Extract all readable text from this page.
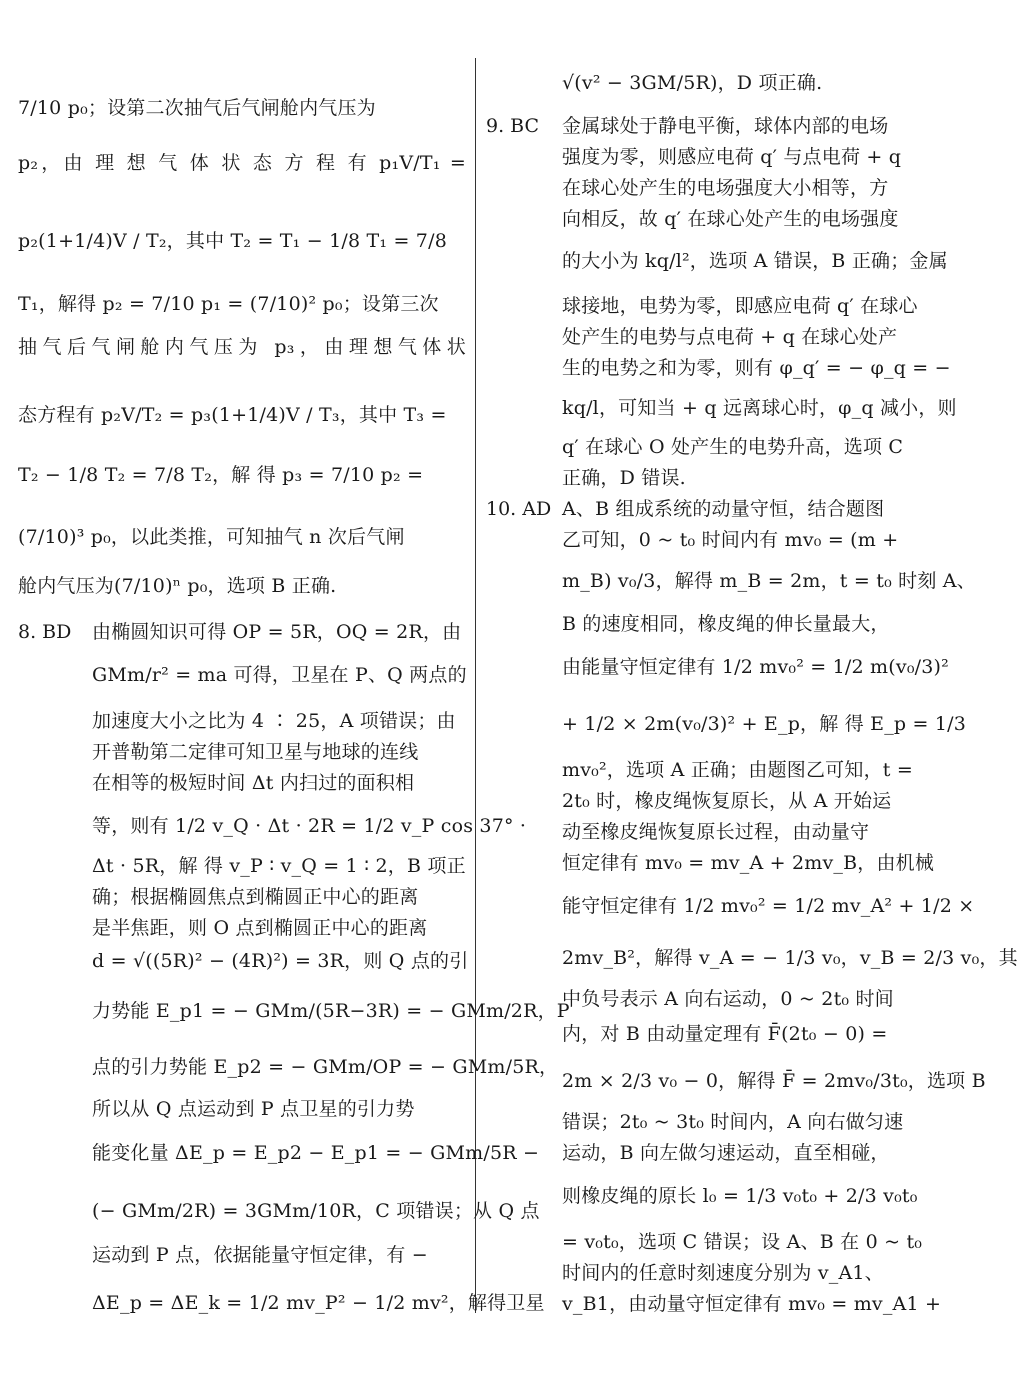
7/10 p₀；设第二次抽气后气闸舱内气压为
p₂，由 理 想 气 体 状 态 方 程 有 p₁V/T₁ =
p₂(1+1/4)V / T₂，其中 T₂ = T₁ − 1/8 T₁ = 7/8
T₁，解得 p₂ = 7/10 p₁ = (7/10)² p₀；设第三次
抽气后气闸舱内气压为 p₃，由理想气体状
态方程有 p₂V/T₂ = p₃(1+1/4)V / T₃，其中 T₃ =
T₂ − 1/8 T₂ = 7/8 T₂，解 得 p₃ = 7/10 p₂ =
(7/10)³ p₀，以此类推，可知抽气 n 次后气闸
舱内气压为(7/10)ⁿ p₀，选项 B 正确.
8. BD	由椭圆知识可得 OP = 5R，OQ = 2R，由
GMm/r² = ma 可得，卫星在 P、Q 两点的
加速度大小之比为 4 ∶ 25，A 项错误；由
开普勒第二定律可知卫星与地球的连线
在相等的极短时间 Δt 内扫过的面积相
等，则有 1/2 v_Q · Δt · 2R = 1/2 v_P cos 37° ·
Δt · 5R，解 得 v_P ∶ v_Q = 1 ∶ 2，B 项正
确；根据椭圆焦点到椭圆正中心的距离
是半焦距，则 O 点到椭圆正中心的距离
d = √((5R)² − (4R)²) = 3R，则 Q 点的引
力势能 E_p1 = − GMm/(5R−3R) = − GMm/2R，P
点的引力势能 E_p2 = − GMm/OP = − GMm/5R，
所以从 Q 点运动到 P 点卫星的引力势
能变化量 ΔE_p = E_p2 − E_p1 = − GMm/5R −
(− GMm/2R) = 3GMm/10R，C 项错误；从 Q 点
运动到 P 点，依据能量守恒定律，有 −
ΔE_p = ΔE_k = 1/2 mv_P² − 1/2 mv²，解得卫星
√(v² − 3GM/5R)，D 项正确.
9. BC	金属球处于静电平衡，球体内部的电场
强度为零，则感应电荷 q′ 与点电荷 + q
在球心处产生的电场强度大小相等，方
向相反，故 q′ 在球心处产生的电场强度
的大小为 kq/l²，选项 A 错误，B 正确；金属
球接地，电势为零，即感应电荷 q′ 在球心
处产生的电势与点电荷 + q 在球心处产
生的电势之和为零，则有 φ_q′ = − φ_q = −
kq/l，可知当 + q 远离球心时，φ_q 减小，则
q′ 在球心 O 处产生的电势升高，选项 C
正确，D 错误.
10. AD A、B 组成系统的动量守恒，结合题图
乙可知，0 ~ t₀ 时间内有 mv₀ = (m +
m_B) v₀/3，解得 m_B = 2m，t = t₀ 时刻 A、
B 的速度相同，橡皮绳的伸长量最大，
由能量守恒定律有 1/2 mv₀² = 1/2 m(v₀/3)²
+ 1/2 × 2m(v₀/3)² + E_p，解 得 E_p = 1/3
mv₀²，选项 A 正确；由题图乙可知，t =
2t₀ 时，橡皮绳恢复原长，从 A 开始运
动至橡皮绳恢复原长过程，由动量守
恒定律有 mv₀ = mv_A + 2mv_B，由机械
能守恒定律有 1/2 mv₀² = 1/2 mv_A² + 1/2 ×
2mv_B²，解得 v_A = − 1/3 v₀，v_B = 2/3 v₀，其
中负号表示 A 向右运动，0 ~ 2t₀ 时间
内，对 B 由动量定理有 F̄(2t₀ − 0) =
2m × 2/3 v₀ − 0，解得 F̄ = 2mv₀/3t₀，选项 B
错误；2t₀ ~ 3t₀ 时间内，A 向右做匀速
运动，B 向左做匀速运动，直至相碰，
则橡皮绳的原长 l₀ = 1/3 v₀t₀ + 2/3 v₀t₀
= v₀t₀，选项 C 错误；设 A、B 在 0 ~ t₀
时间内的任意时刻速度分别为 v_A1、
v_B1，由动量守恒定律有 mv₀ = mv_A1 +
